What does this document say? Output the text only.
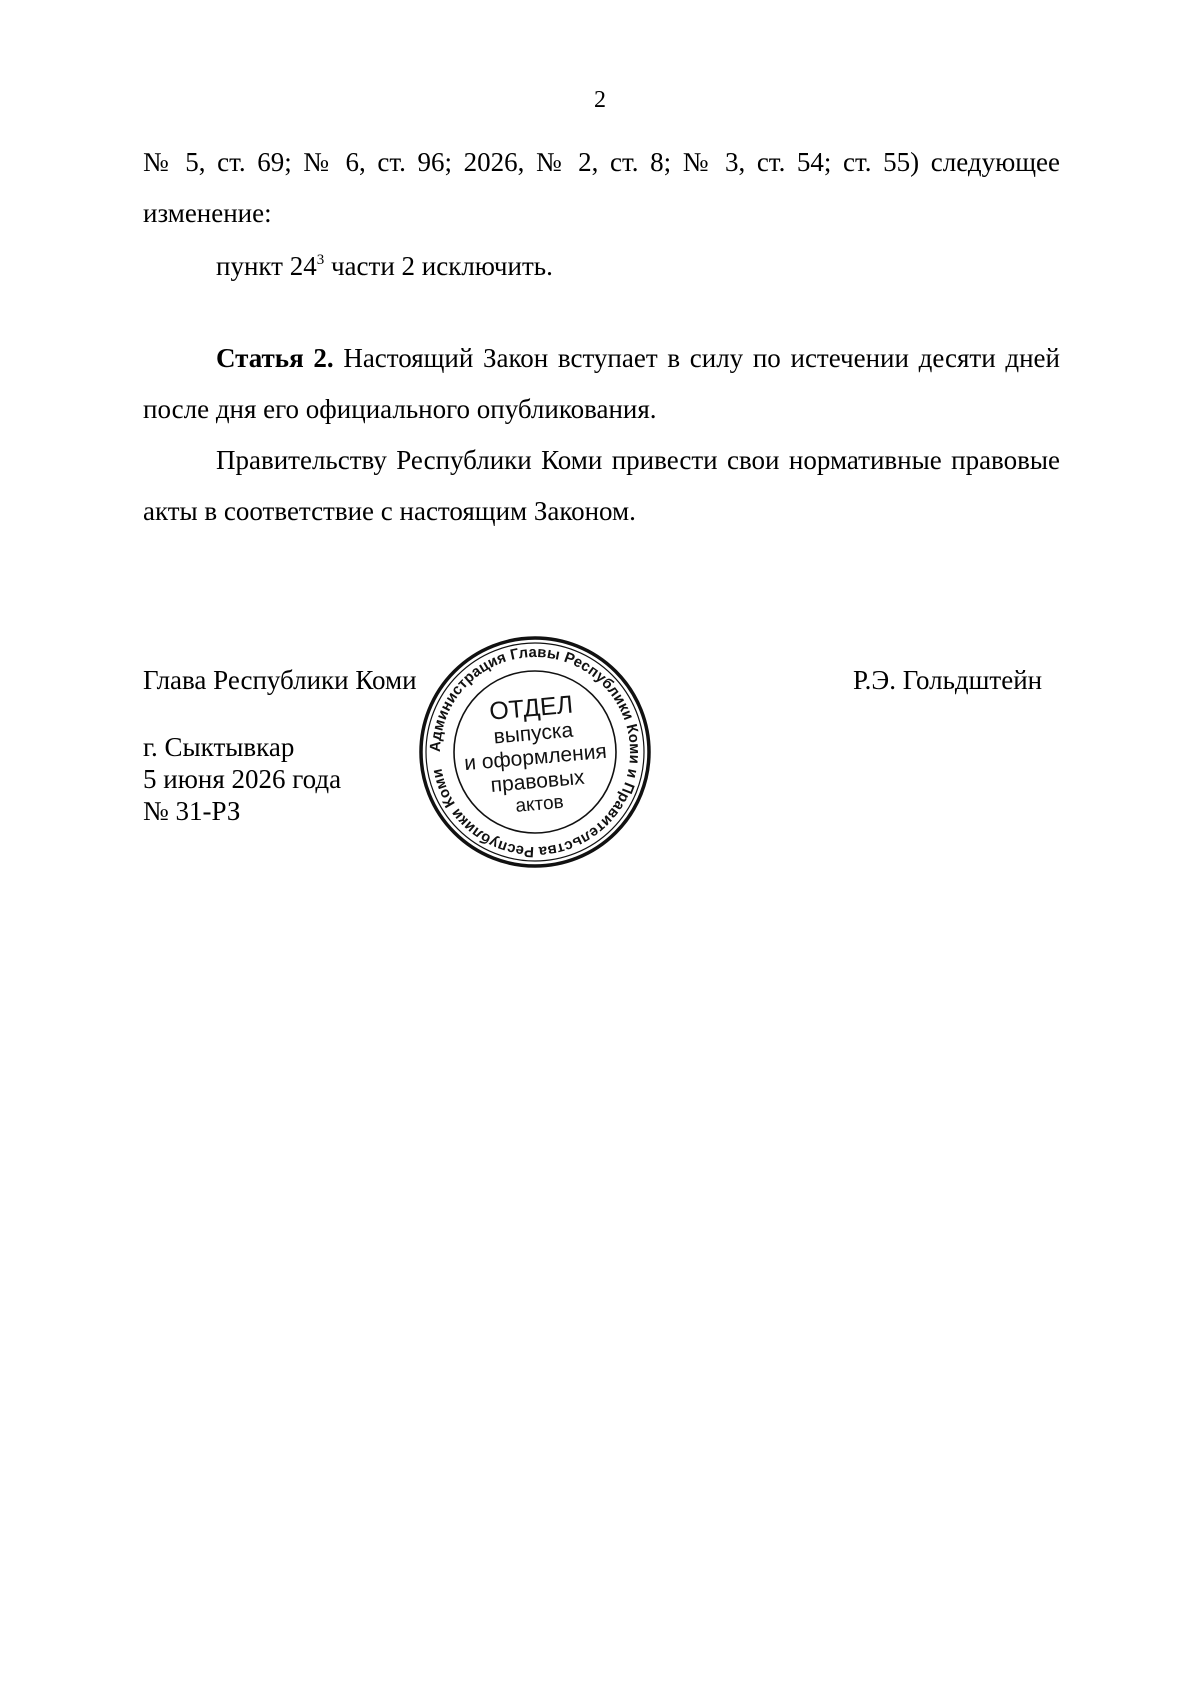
2

№ 5, ст. 69; № 6, ст. 96; 2026, № 2, ст. 8; № 3, ст. 54; ст. 55) следующее изменение:

пункт $24^3$ части 2 исключить.

Статья 2. Настоящий Закон вступает в силу по истечении десяти дней после дня его официального опубликования.

Правительству Республики Коми привести свои нормативные правовые акты в соответствие с настоящим Законом.

Глава Республики Коми	Р.Э. Гольдштейн
г. Сыктывкар
5 июня 2026 года
№ 31-РЗ
Администрация Главы Республики Коми и Правительства Республики Коми
ОТДЕЛ
выпуска
и оформления
правовых
актов
